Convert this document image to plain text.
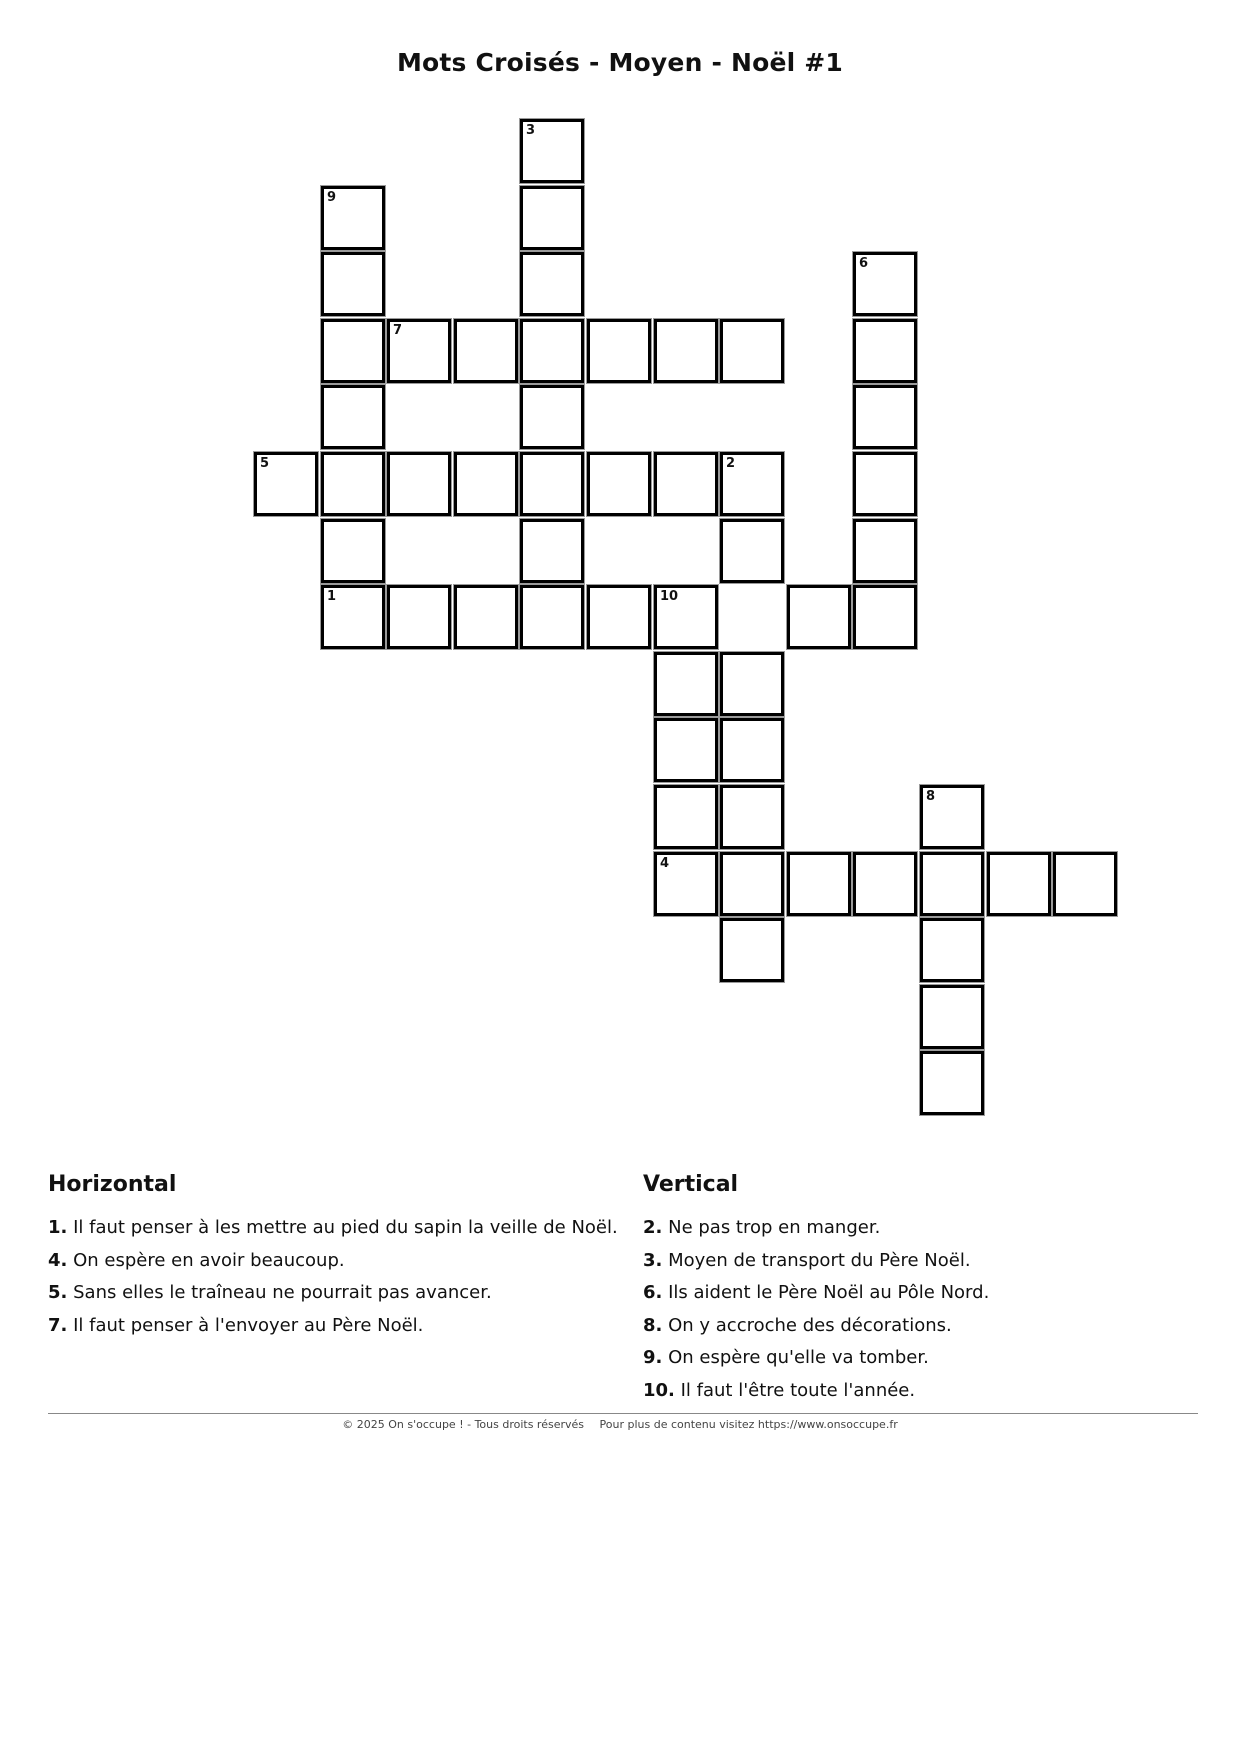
Mots Croisés - Moyen - Noël #1
3
9
1
6
7
5	2
10
8
4
Horizontal
1. Il faut penser à les mettre au pied du sapin la veille de Noël.
4. On espère en avoir beaucoup.
5. Sans elles le traîneau ne pourrait pas avancer.
7. Il faut penser à l'envoyer au Père Noël.
Vertical
2. Ne pas trop en manger.
3. Moyen de transport du Père Noël.
6. Ils aident le Père Noël au Pôle Nord.
8. On y accroche des décorations.
9. On espère qu'elle va tomber.
10. Il faut l'être toute l'année.
© 2025 On s'occupe ! - Tous droits réservés Pour plus de contenu visitez https://www.onsoccupe.fr
